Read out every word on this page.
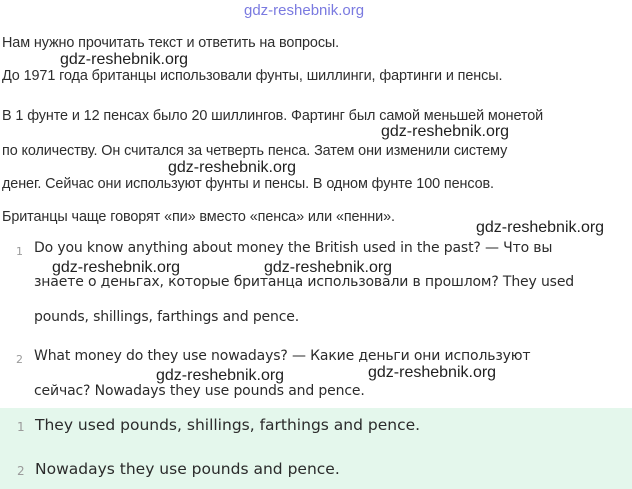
gdz-reshebnik.org

Нам нужно прочитать текст и ответить на вопросы.

До 1971 года британцы использовали фунты, шиллинги, фартинги и пенсы.

В 1 фунте и 12 пенсах было 20 шиллингов. Фартинг был самой меньшей монетой

по количеству. Он считался за четверть пенса. Затем они изменили систему

денег. Сейчас они используют фунты и пенсы. В одном фунте 100 пенсов.

Британцы чаще говорят «пи» вместо «пенса» или «пенни».

1 Do you know anything about money the British used in the past? — Что вы

знаете о деньгах, которые британца использовали в прошлом? They used

pounds, shillings, farthings and pence.

2 What money do they use nowadays? — Какие деньги они используют

сейчас? Nowadays they use pounds and pence.

1 They used pounds, shillings, farthings and pence.

2 Nowadays they use pounds and pence.

gdz-reshebnik.org
gdz-reshebnik.org
gdz-reshebnik.org
gdz-reshebnik.org
gdz-reshebnik.org	gdz-reshebnik.org
gdz-reshebnik.org
gdz-reshebnik.org
